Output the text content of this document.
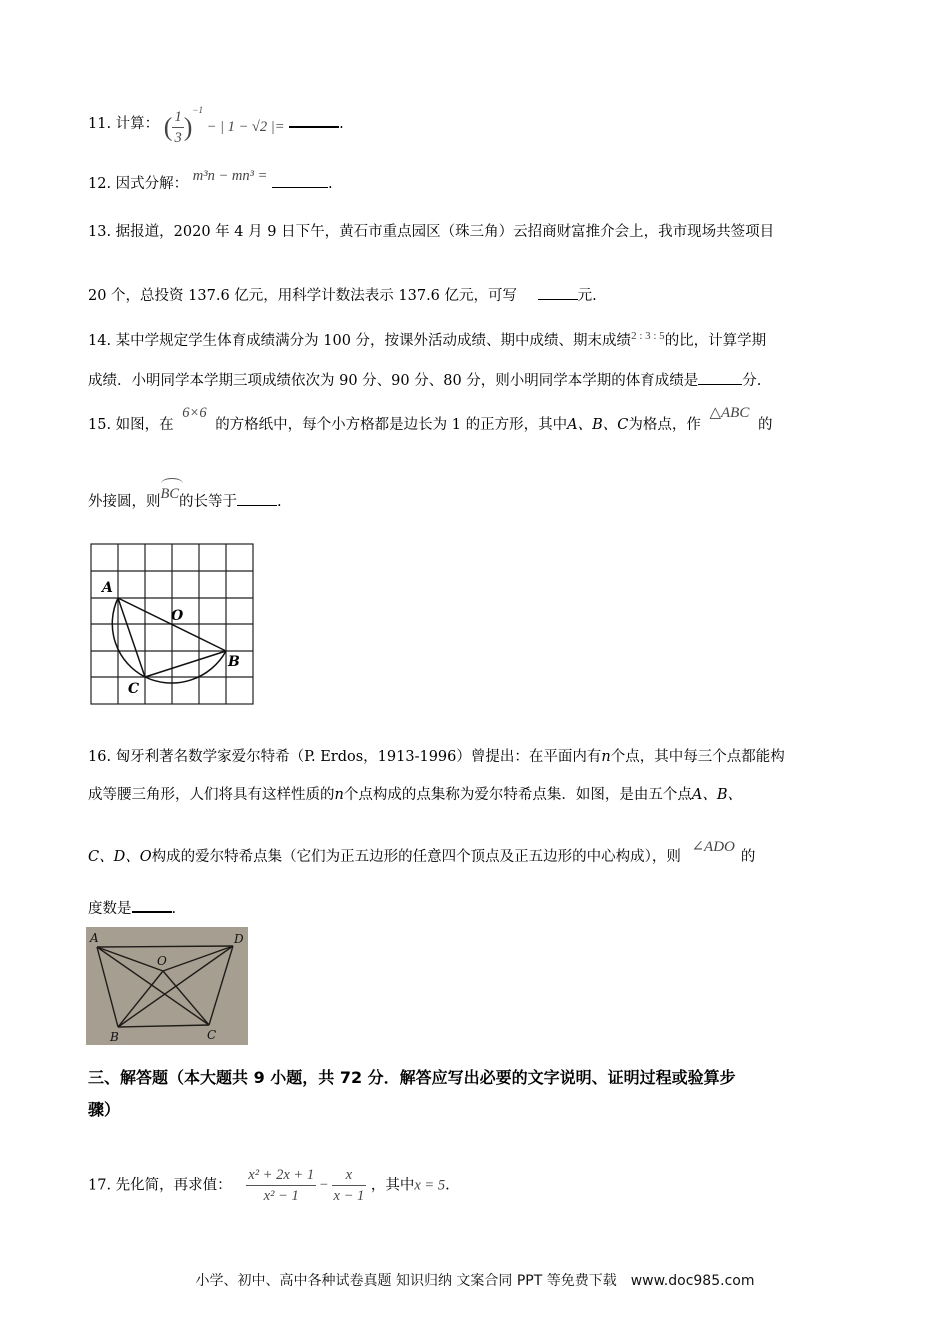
11. 计算： ( $\frac{1}{3} )^{-1}$ − | 1 − √2 |=	.
12. 因式分解： m³n − mn³ =	.
13. 据报道，2020 年 4 月 9 日下午，黄石市重点园区（珠三角）云招商财富推介会上，我市现场共签项目
20 个，总投资 137.6 亿元，用科学计数法表示 137.6 亿元，可写	元.
14. 某中学规定学生体育成绩满分为 100 分，按课外活动成绩、期中成绩、期末成绩$^{2 : 3 : 5}$的比，计算学期
成绩．小明同学本学期三项成绩依次为 90 分、90 分、80 分，则小明同学本学期的体育成绩是	分.
15. 如图，在 6×6 的方格纸中，每个小方格都是边长为 1 的正方形，其中A、B、C为格点，作 △ABC 的
外接圆，则
BC的长等于	.
A
O
B
C
16. 匈牙利著名数学家爱尔特希（P. Erdos，1913-1996）曾提出：在平面内有n个点，其中每三个点都能构
成等腰三角形，人们将具有这样性质的n个点构成的点集称为爱尔特希点集．如图，是由五个点A、B、
C、D、O构成的爱尔特希点集（它们为正五边形的任意四个顶点及正五边形的中心构成），则 ∠ADO的
度数是	.
A	D
O
B	C
三、解答题（本大题共 9 小题，共 72 分．解答应写出必要的文字说明、证明过程或验算步
骤）
17. 先化简，再求值： $\frac{\text{x² + 2x + 1}}{\text{x² − 1}} - \frac{x}{x - 1}$ ，其中x = 5.
小学、初中、高中各种试卷真题 知识归纳 文案合同 PPT 等免费下载　www.doc985.com
